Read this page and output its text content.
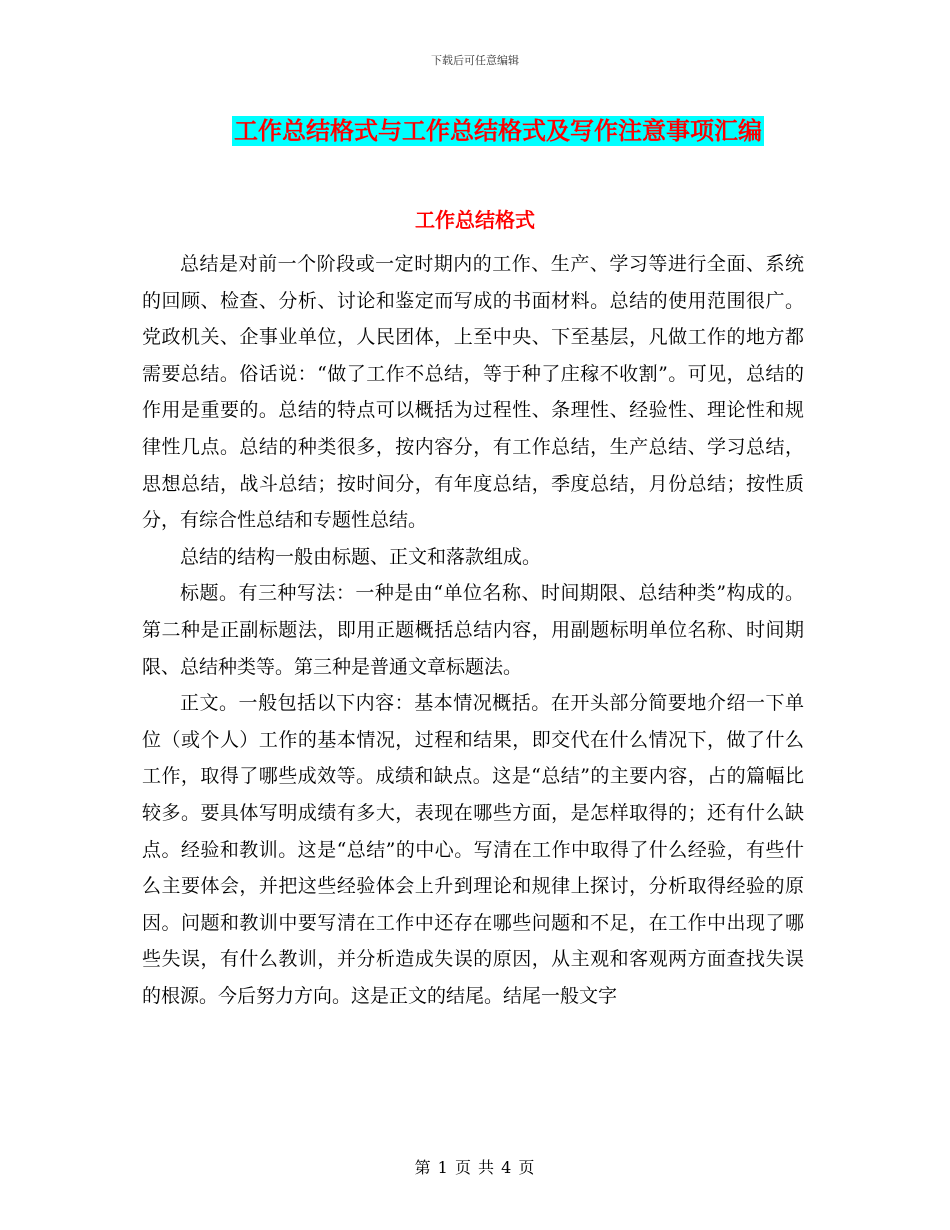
下载后可任意编辑
工作总结格式与工作总结格式及写作注意事项汇编
工作总结格式

总结是对前一个阶段或一定时期内的工作、生产、学习等进行全面、系统的回顾、检查、分析、讨论和鉴定而写成的书面材料。总结的使用范围很广。党政机关、企事业单位，人民团体，上至中央、下至基层，凡做工作的地方都需要总结。俗话说：“做了工作不总结，等于种了庄稼不收割”。可见，总结的作用是重要的。总结的特点可以概括为过程性、条理性、经验性、理论性和规律性几点。总结的种类很多，按内容分，有工作总结，生产总结、学习总结，思想总结，战斗总结；按时间分，有年度总结，季度总结，月份总结；按性质分，有综合性总结和专题性总结。

总结的结构一般由标题、正文和落款组成。

标题。有三种写法：一种是由“单位名称、时间期限、总结种类”构成的。第二种是正副标题法，即用正题概括总结内容，用副题标明单位名称、时间期限、总结种类等。第三种是普通文章标题法。

正文。一般包括以下内容：基本情况概括。在开头部分简要地介绍一下单位（或个人）工作的基本情况，过程和结果，即交代在什么情况下，做了什么工作，取得了哪些成效等。成绩和缺点。这是“总结”的主要内容，占的篇幅比较多。要具体写明成绩有多大，表现在哪些方面，是怎样取得的；还有什么缺点。经验和教训。这是“总结”的中心。写清在工作中取得了什么经验，有些什么主要体会，并把这些经验体会上升到理论和规律上探讨，分析取得经验的原因。问题和教训中要写清在工作中还存在哪些问题和不足，在工作中出现了哪些失误，有什么教训，并分析造成失误的原因，从主观和客观两方面查找失误的根源。今后努力方向。这是正文的结尾。结尾一般文字

第 1 页 共 4 页
